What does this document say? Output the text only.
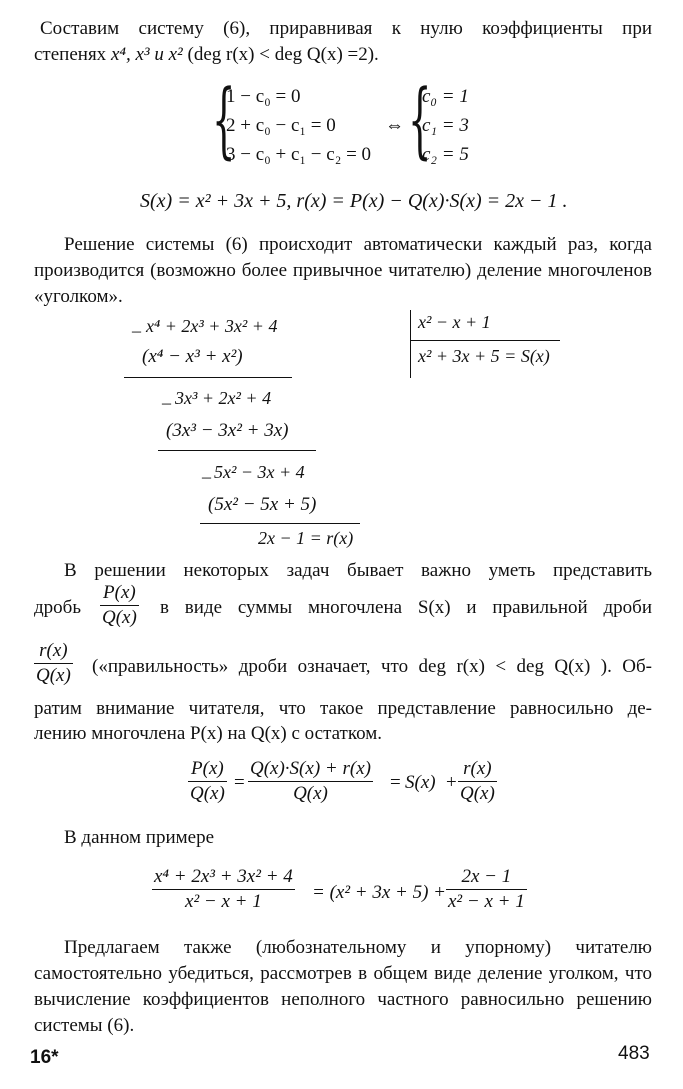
Составим систему (6), приравнивая к нулю коэффициенты при
степенях x⁴, x³ и x² (deg r(x) < deg Q(x) =2).
{
1 − c₀ = 0
2 + c₀ − c₁ = 0
3 − c₀ + c₁ − c₂ = 0
⇔ {
c₀ = 1
c₁ = 3
c₂ = 5
S(x) = x² + 3x + 5, r(x) = P(x) − Q(x)·S(x) = 2x − 1 .
Решение системы (6) происходит автоматически каждый раз, когда производится (возможно более привычное читателю) деление многочленов «уголком».
_ x⁴ + 2x³ + 3x² + 4
(x⁴ − x³ + x²)
_ 3x³ + 2x² + 4
(3x³ − 3x² + 3x)
_ 5x² − 3x + 4
(5x² − 5x + 5)
2x − 1 = r(x)
x² − x + 1
x² + 3x + 5 = S(x)
В решении некоторых задач бывает важно уметь представить
дробь
P(x)
Q(x) в виде суммы многочлена S(x) и правильной дроби
r(x)
Q(x) («правильность» дроби означает, что deg r(x) < deg Q(x) ). Об-
ратим внимание читателя, что такое представление равносильно де-
лению многочлена P(x) на Q(x) с остатком.
P(x)
Q(x)
=
Q(x)·S(x) + r(x)
Q(x)
= S(x) +
r(x)
Q(x)
В данном примере
x⁴ + 2x³ + 3x² + 4
x² − x + 1	= (x² + 3x + 5) +
2x − 1
x² − x + 1
Предлагаем также (любознательному и упорному) читателю самостоятельно убедиться, рассмотрев в общем виде деление уголком, что вычисление коэффициентов неполного частного равносильно решению системы (6).
16*	483
